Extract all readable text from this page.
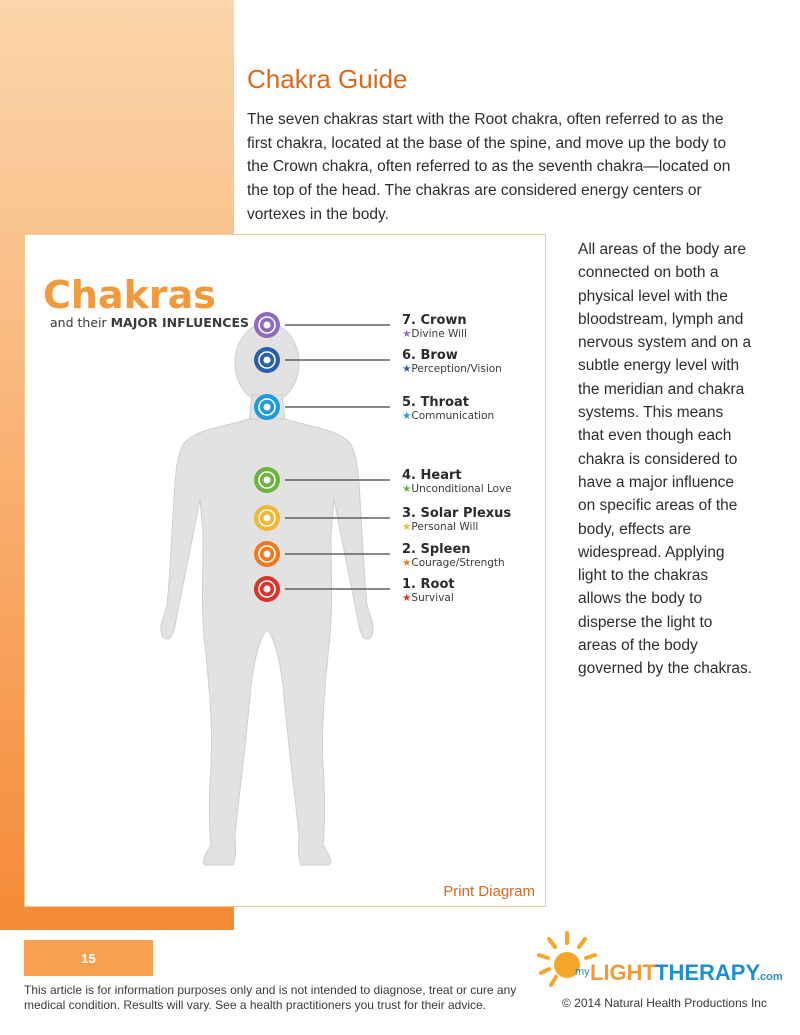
Chakra Guide

The seven chakras start with the Root chakra, often referred to as the first chakra, located at the base of the spine, and move up the body to the Crown chakra, often referred to as the seventh chakra—located on the top of the head. The chakras are considered energy centers or vortexes in the body.

Chakras
and their MAJOR INFLUENCES	7. Crown
★Divine Will
6. Brow
★Perception/Vision
5. Throat
★Communication
4. Heart
★Unconditional Love
3. Solar Plexus
★Personal Will
2. Spleen
★Courage/Strength
1. Root
★Survival
Print Diagram

All areas of the body are connected on both a physical level with the bloodstream, lymph and nervous system and on a subtle energy level with the meridian and chakra systems. This means that even though each chakra is considered to have a major influence on specific areas of the body, effects are widespread. Applying light to the chakras allows the body to disperse the light to areas of the body governed by the chakras.

15

This article is for information purposes only and is not intended to diagnose, treat or cure any medical condition. Results will vary. See a health practitioners you trust for their advice.

my LIGHT THERAPY
.com
© 2014 Natural Health Productions Inc
